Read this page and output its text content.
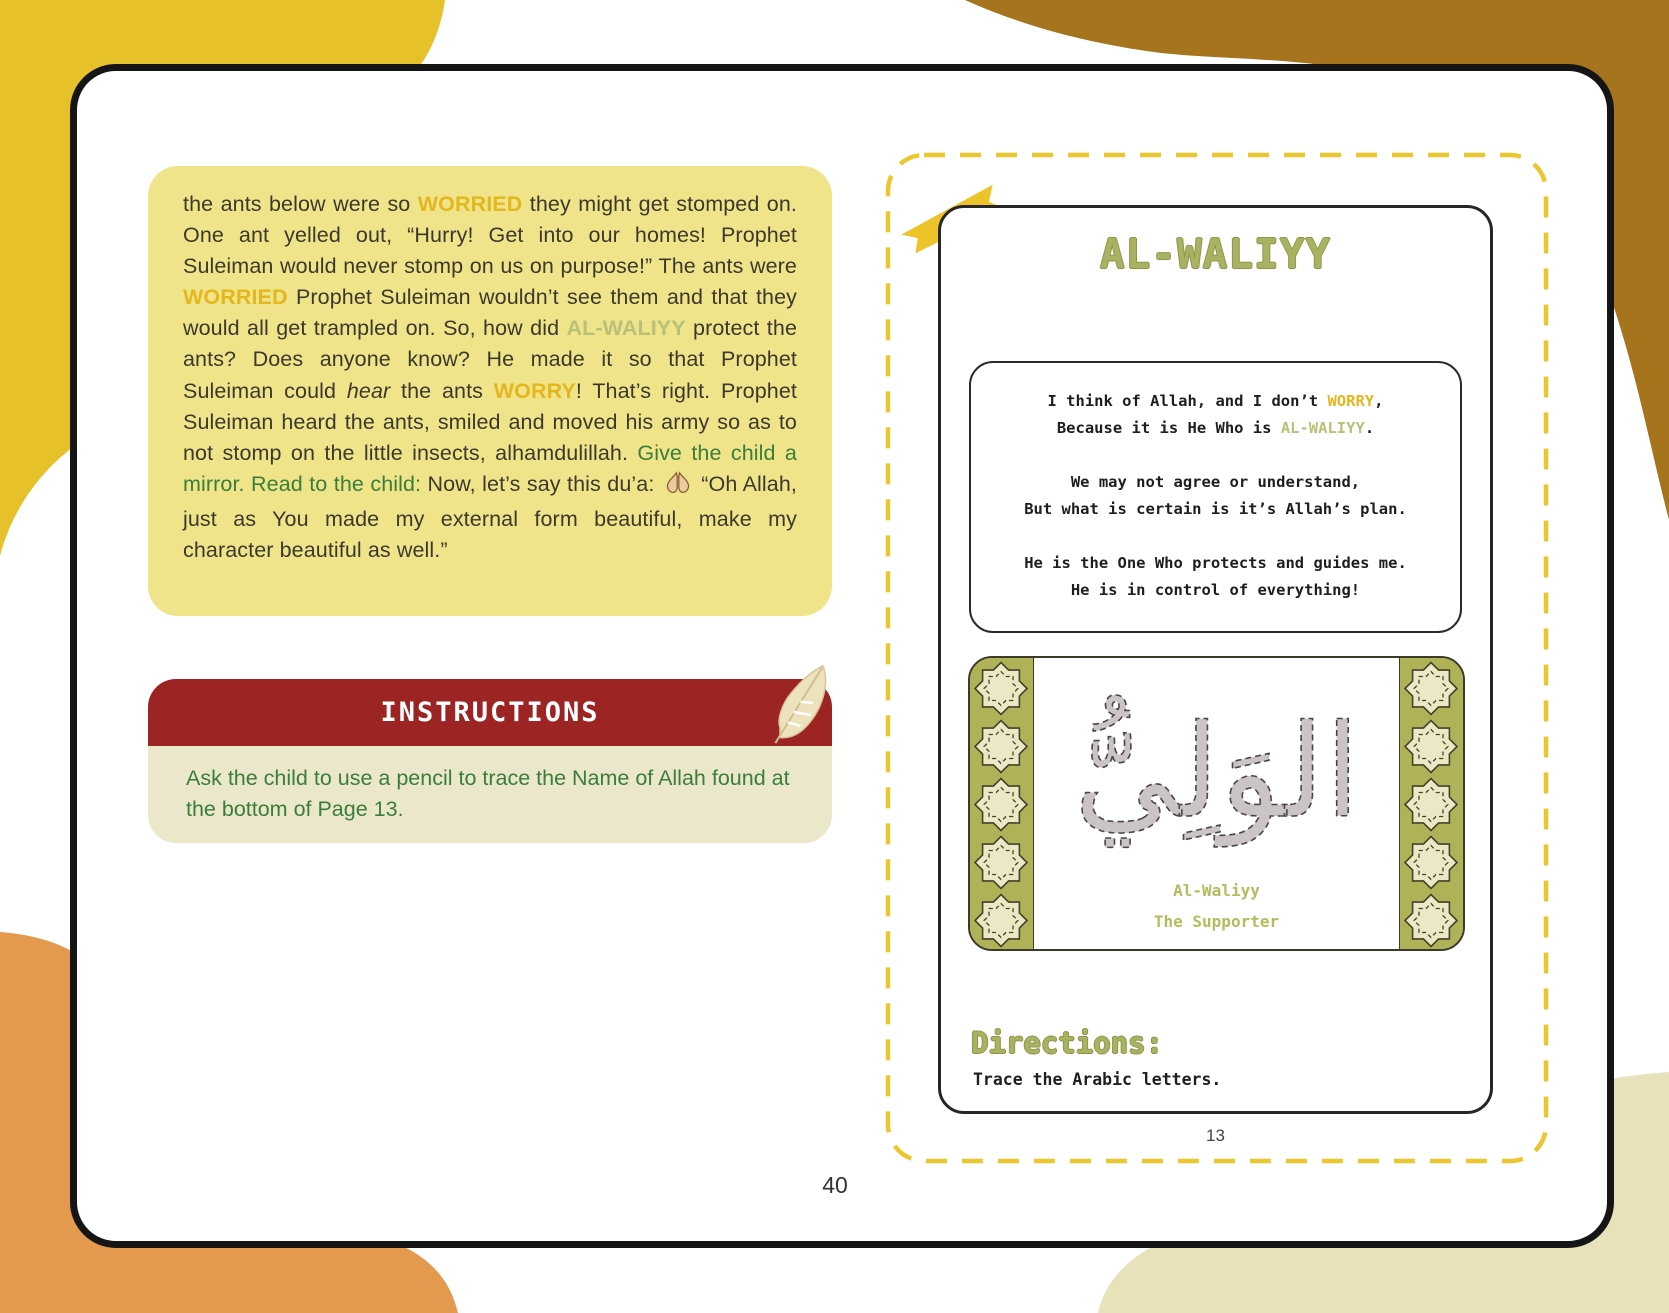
the ants below were so WORRIED they might get stomped on. One ant yelled out, “Hurry! Get into our homes! Prophet Suleiman would never stomp on us on purpose!” The ants were WORRIED Prophet Suleiman wouldn’t see them and that they would all get trampled on. So, how did AL-WALIYY protect the ants? Does anyone know? He made it so that Prophet Suleiman could hear the ants WORRY! That’s right. Prophet Suleiman heard the ants, smiled and moved his army so as to not stomp on the little insects, alhamdulillah. Give the child a mirror. Read to the child: Now, let’s say this du’a:  “Oh Allah, just as You made my external form beautiful, make my character beautiful as well.”
INSTRUCTIONS
Ask the child to use a pencil to trace the Name of Allah found at the bottom of Page 13.
AL-WALIYY
I think of Allah, and I don’t WORRY,
Because it is He Who is AL-WALIYY.
We may not agree or understand,
But what is certain is it’s Allah’s plan.
He is the One Who protects and guides me.
He is in control of everything!
الوَلِيُّ
Al-Waliyy
The Supporter
Directions:
Trace the Arabic letters.
13
40
